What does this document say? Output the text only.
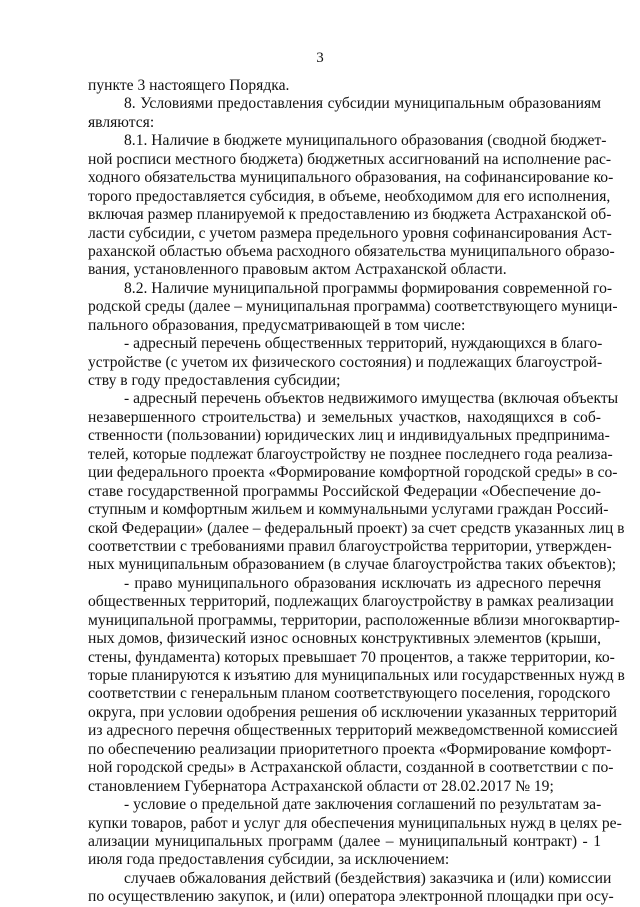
3
пункте 3 настоящего Порядка.
8. Условиями предоставления субсидии муниципальным образованиям
являются:
8.1. Наличие в бюджете муниципального образования (сводной бюджет-
ной росписи местного бюджета) бюджетных ассигнований на исполнение рас-
ходного обязательства муниципального образования, на софинансирование ко-
торого предоставляется субсидия, в объеме, необходимом для его исполнения,
включая размер планируемой к предоставлению из бюджета Астраханской об-
ласти субсидии, с учетом размера предельного уровня софинансирования Аст-
раханской областью объема расходного обязательства муниципального образо-
вания, установленного правовым актом Астраханской области.
8.2. Наличие муниципальной программы формирования современной го-
родской среды (далее – муниципальная программа) соответствующего муници-
пального образования, предусматривающей в том числе:
- адресный перечень общественных территорий, нуждающихся в благо-
устройстве (с учетом их физического состояния) и подлежащих благоустрой-
ству в году предоставления субсидии;
- адресный перечень объектов недвижимого имущества (включая объекты
незавершенного строительства) и земельных участков, находящихся в соб-
ственности (пользовании) юридических лиц и индивидуальных предпринима-
телей, которые подлежат благоустройству не позднее последнего года реализа-
ции федерального проекта «Формирование комфортной городской среды» в со-
ставе государственной программы Российской Федерации «Обеспечение до-
ступным и комфортным жильем и коммунальными услугами граждан Россий-
ской Федерации» (далее – федеральный проект) за счет средств указанных лиц в
соответствии с требованиями правил благоустройства территории, утвержден-
ных муниципальным образованием (в случае благоустройства таких объектов);
- право муниципального образования исключать из адресного перечня
общественных территорий, подлежащих благоустройству в рамках реализации
муниципальной программы, территории, расположенные вблизи многоквартир-
ных домов, физический износ основных конструктивных элементов (крыши,
стены, фундамента) которых превышает 70 процентов, а также территории, ко-
торые планируются к изъятию для муниципальных или государственных нужд в
соответствии с генеральным планом соответствующего поселения, городского
округа, при условии одобрения решения об исключении указанных территорий
из адресного перечня общественных территорий межведомственной комиссией
по обеспечению реализации приоритетного проекта «Формирование комфорт-
ной городской среды» в Астраханской области, созданной в соответствии с по-
становлением Губернатора Астраханской области от 28.02.2017 № 19;
- условие о предельной дате заключения соглашений по результатам за-
купки товаров, работ и услуг для обеспечения муниципальных нужд в целях ре-
ализации муниципальных программ (далее – муниципальный контракт) - 1
июля года предоставления субсидии, за исключением:
случаев обжалования действий (бездействия) заказчика и (или) комиссии
по осуществлению закупок, и (или) оператора электронной площадки при осу-
